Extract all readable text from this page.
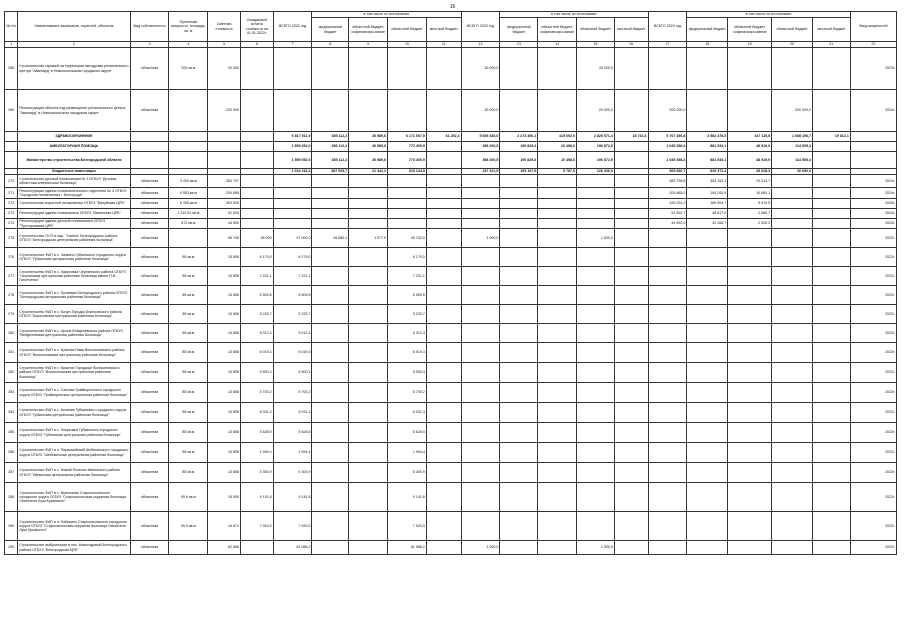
16
№ п/п	Наименование заказчиков, отраслей, объектов	Вид собственности	Проектная мощность, площадь, кв. м	Сметная стоимость	Ожидаемый остаток стоимости на 01.01.2022г.	ВСЕГО 2022 год	в том числе по источникам:				ВСЕГО 2023 год	в том числе по источникам:				ВСЕГО 2024 год	в том числе по источникам:				Ввод мощностей
							федеральный бюджет	областной бюджет, софинансиро-вание	областной бюджет	местный бюджет		федеральный бюджет	областной бюджет, софинансиро-вание	областной бюджет	местный бюджет		федеральный бюджет	областной бюджет, софинансиро-вание	областной бюджет	местный бюджет	
1	2	3	4	5	6	7	8	9	10	11	12	13	14	15	16	17	18	19	20	21	22
268	Строительство гаражей на территории автодрома регионального центра "Авангард" в Новооскольском городском округе	областная	200 кв.м	30 000							30 000,0			30 000,0							2023г.
269	Реконструкция объекта под размещение регионального центра "Авангард" в Новооскольском городском округе	областная		220 000							20 000,0			20 000,0		200 000,0			200 000,0		2024г.
	ЗДРАВООХРАНЕНИЕ					6 817 911,9	355 112,2	30 589,6	6 171 007,5	61 252,4	5 539 346,0	2 273 350,1	419 692,0	2 825 571,4	18 731,6	5 707 456,8	3 582 478,5	447 115,5	1 658 196,7	19 812,1	
	АМБУЛАТОРНАЯ ПОМОЩЬ					1 559 052,0	355 112,2	30 589,6	773 400,9		398 200,5	190 829,4	10 498,6	196 872,5		1 045 358,4	881 933,1	48 519,9	114 905,4		
	Министерство строительства Белгородской области					1 559 052,0	355 112,2	30 589,6	773 400,9		398 200,5	190 829,4	10 498,6	196 872,5		1 045 358,4	881 933,1	48 519,9	114 905,4		
	Бюджетные инвестиции					1 024 416,4	387 929,7	21 342,2	615 144,5		237 321,0	105 197,5	5 787,5	126 336,0		905 680,7	829 372,4	45 628,3	30 680,0		
270	Строительство детской поликлиники № 3 ОГБУЗ "Детская областная клиническая больница"	областная	3 400 кв.м	383 797												383 796,8	363 783,1	20 013,7			2024г.
271	Реконструкция здания поликлинического отделения № 4 ОГБУЗ "Городская поликлиника г. Белгорода"	областная	4 553 кв.м	204 885												204 885,0	194 200,9	10 684,1			2024г.
272	Строительство взрослой поликлиники ОГБУЗ "Валуйская ЦРБ"	областная	6 308 кв.м	453 526												190 224,2	180 904,7	9 919,5			2025г.
273	Реконструкция здания поликлиники ОГБУЗ "Ивнянская ЦРБ"	областная	1 310,51 кв.м	51 503												51 502,7	48 817,0	2 685,7			2024г.
274	Реконструкция здания детской поликлиники ОГБУЗ "Прохоровская ЦРБ"	областная	872 кв.м	44 592												44 592,0	42 266,7	2 325,3			2024г.
275	Строительство ОСП в мкр. "Улитка" Белгородского района ОГБУЗ "Белгородская центральная районная больница"	областная		58 706	58 000	57 000,0	28 680,1	1 577,9	26 742,0		1 000,0			1 000,0							2022г.
276	Строительство ФАП в с. Чапкино Губкинского городского округа ОГБУЗ "Губкинская центральная районная больница"	областная	85 кв.м	15 858	6 179,0	6 179,0			6 179,0												2022г.
277	Строительство ФАП в с. Ларисовка Чернянского района ОГБУЗ "Чернянская центральная районная больница имени П.В. Гапотченко"	областная	85 кв.м	15 858	7 221,1	7 221,1			7 221,1												2022г.
278	Строительство ФАП в с. Пуляевка Белгородского района ОГБУЗ "Белгородская центральная районная больница"	областная	85 кв.м	15 858	6 509,6	6 509,6			6 509,6												2022г.
279	Строительство ФАП в с. Бочун-Городок Борисовского района ОГБУЗ "Борисовская центральная районная больница"	областная	85 кв.м	15 858	5 225,7	5 225,7			5 225,7												2022г.
280	Строительство ФАП в с. Орлов Вейделевского района ОГБУЗ "Вейделевская центральная районная больница"	областная	85 кв.м	15 858	5 012,4	5 012,4			5 012,4												2022г.
281	Строительство ФАП в с. Красная Нива Волоконовского района ОГБУЗ "Волоконовская центральная районная больница"	областная	85 кв.м	15 858	6 019,3	6 019,3			6 019,3												2022г.
282	Строительство ФАП в с. Красное Городище Волоконовского района ОГБУЗ "Волоконовская центральная районная больница"	областная	85 кв.м	15 858	5 500,4	5 500,4			5 500,4												2022г.
283	Строительство ФАП в с. Санково Грайворонского городского округа ОГБУЗ "Грайворонская центральная районная больница"	областная	85 кв.м	15 858	5 700,2	5 700,2			5 700,2												2022г.
284	Строительство ФАП в с. Калинин Губкинского городского округа ОГБУЗ "Губкинская центральная районная больница"	областная	85 кв.м	15 858	6 031,3	6 031,3			6 031,3												2022г.
285	Строительство ФАП в с. Лопуховка Губкинского городского округа ОГБУЗ "Губкинская центральная районная больница"	областная	85 кв.м	15 858	5 628,5	5 628,5			5 628,5												2022г.
286	Строительство ФАП в п. Первомайский Шебекинского городского округа ОГБУЗ "Шебекинская центральная районная больница"	областная	85 кв.м	15 858	1 994,4	1 994,4			1 994,4												2022г.
287	Строительство ФАП в с. Новый Поселок Ивнянского района ОГБУЗ "Ивнянская центральная районная больница"	областная	85 кв.м	15 858	5 300,9	5 300,9			5 300,9												2022г.
288	Строительство ФАП в с. Выползово Старооскольского городского округа ОГБУЗ "Старооскольская окружная больница Святителя Луки Крымского"	областная	90,9 кв.м	18 059	9 141,8	9 141,8			9 141,8												2022г.
289	Строительство ФАП в п. Набокино Старооскольского городского округа ОГБУЗ "Старооскольская окружная больница Святителя Луки Крымского"	областная	90,9 кв.м	16 871	7 943,5	7 943,5			7 943,5												2022г.
290	Строительство амбулатории в пос. Новосадовый Белгородского района ОГБУЗ "Белгородская ЦРБ"	областная		82 086		81 086,2			81 086,2		1 000,0			1 000,0							2022г.
